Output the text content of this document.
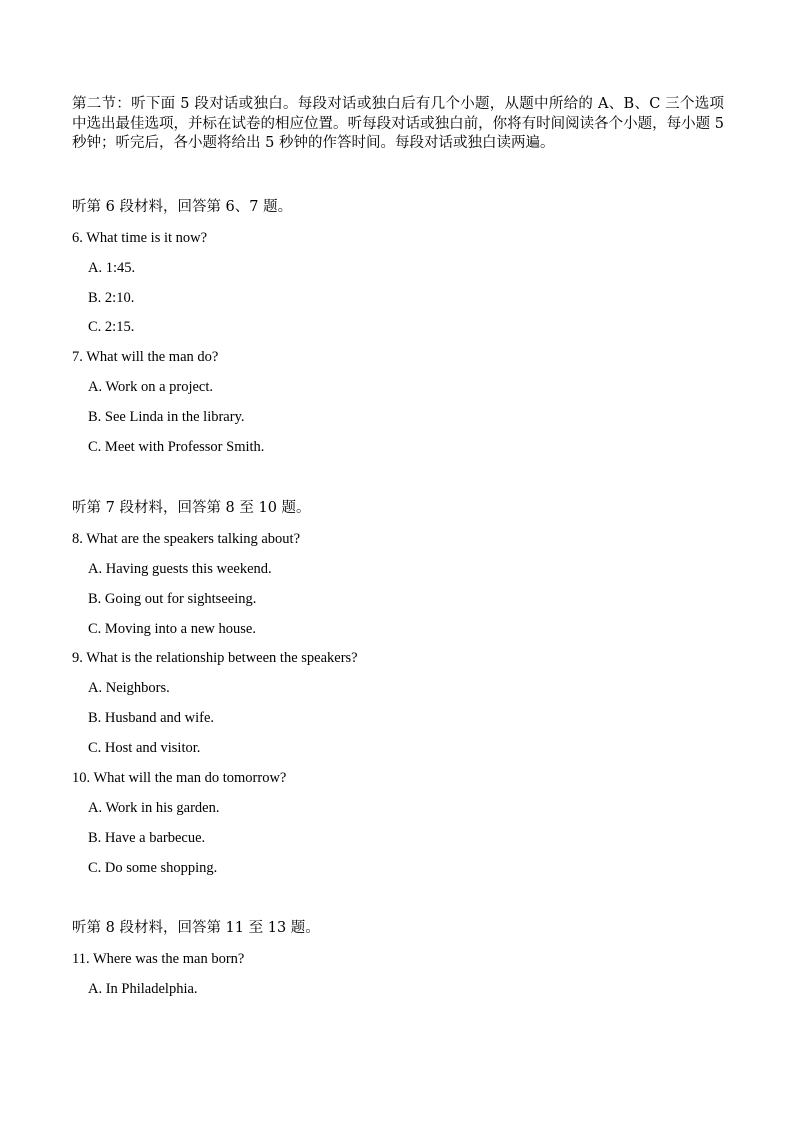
第二节：听下面 5 段对话或独白。每段对话或独白后有几个小题，从题中所给的 A、B、C 三个选项中选出最佳选项，并标在试卷的相应位置。听每段对话或独白前，你将有时间阅读各个小题，每小题 5 秒钟；听完后，各小题将给出 5 秒钟的作答时间。每段对话或独白读两遍。
听第 6 段材料，回答第 6、7 题。
6. What time is it now?
A. 1:45.
B. 2:10.
C. 2:15.
7. What will the man do?
A. Work on a project.
B. See Linda in the library.
C. Meet with Professor Smith.
听第 7 段材料，回答第 8 至 10 题。
8. What are the speakers talking about?
A. Having guests this weekend.
B. Going out for sightseeing.
C. Moving into a new house.
9. What is the relationship between the speakers?
A. Neighbors.
B. Husband and wife.
C. Host and visitor.
10. What will the man do tomorrow?
A. Work in his garden.
B. Have a barbecue.
C. Do some shopping.
听第 8 段材料，回答第 11 至 13 题。
11. Where was the man born?
A. In Philadelphia.
